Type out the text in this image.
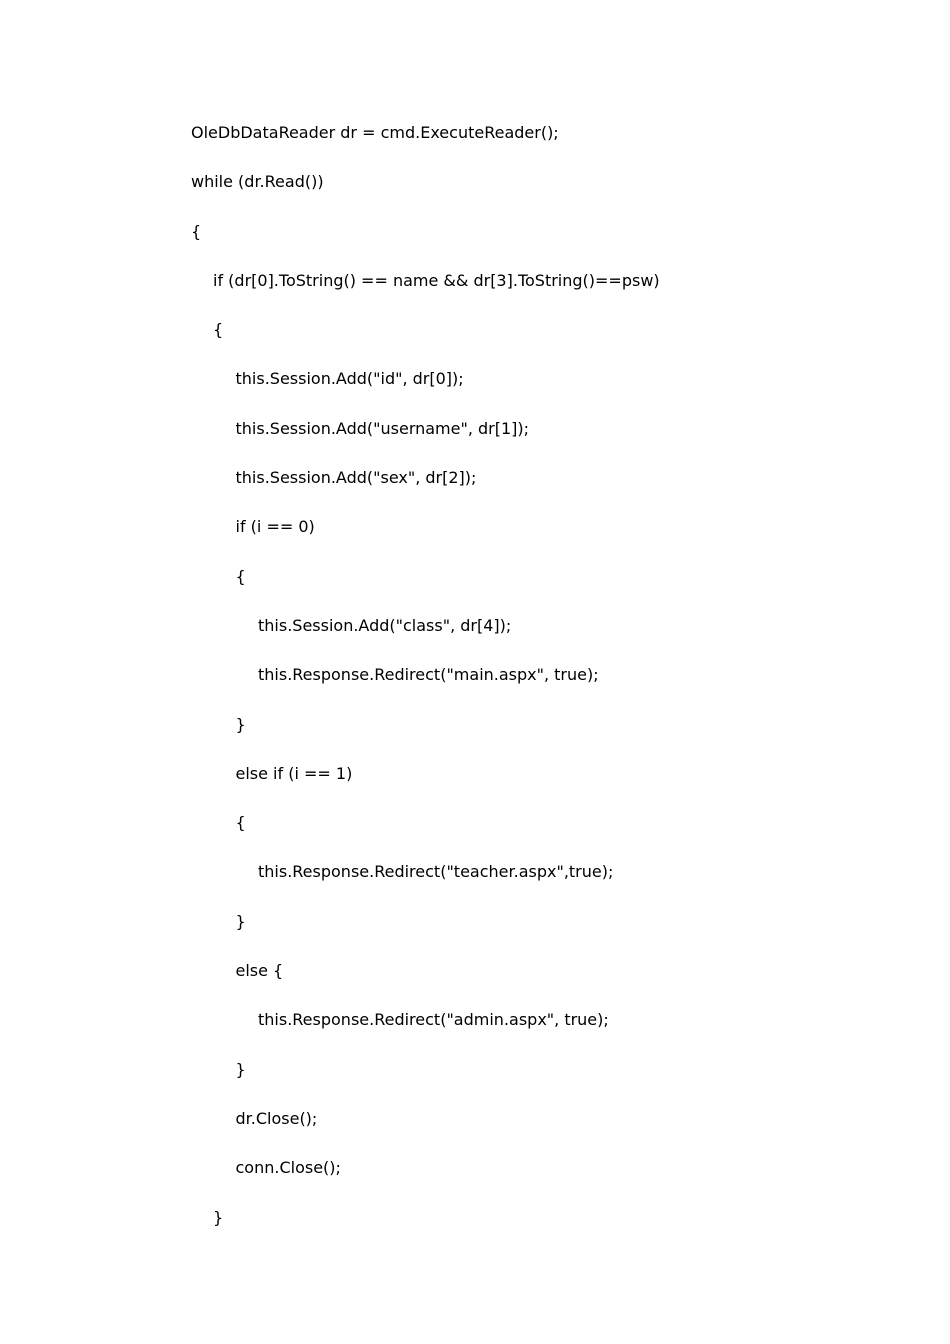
OleDbDataReader dr = cmd.ExecuteReader();
while (dr.Read())
{
if (dr[0].ToString() == name && dr[3].ToString()==psw)
{
this.Session.Add("id", dr[0]);
this.Session.Add("username", dr[1]);
this.Session.Add("sex", dr[2]);
if (i == 0)
{
this.Session.Add("class", dr[4]);
this.Response.Redirect("main.aspx", true);
}
else if (i == 1)
{
this.Response.Redirect("teacher.aspx",true);
}
else {
this.Response.Redirect("admin.aspx", true);
}
dr.Close();
conn.Close();
}
